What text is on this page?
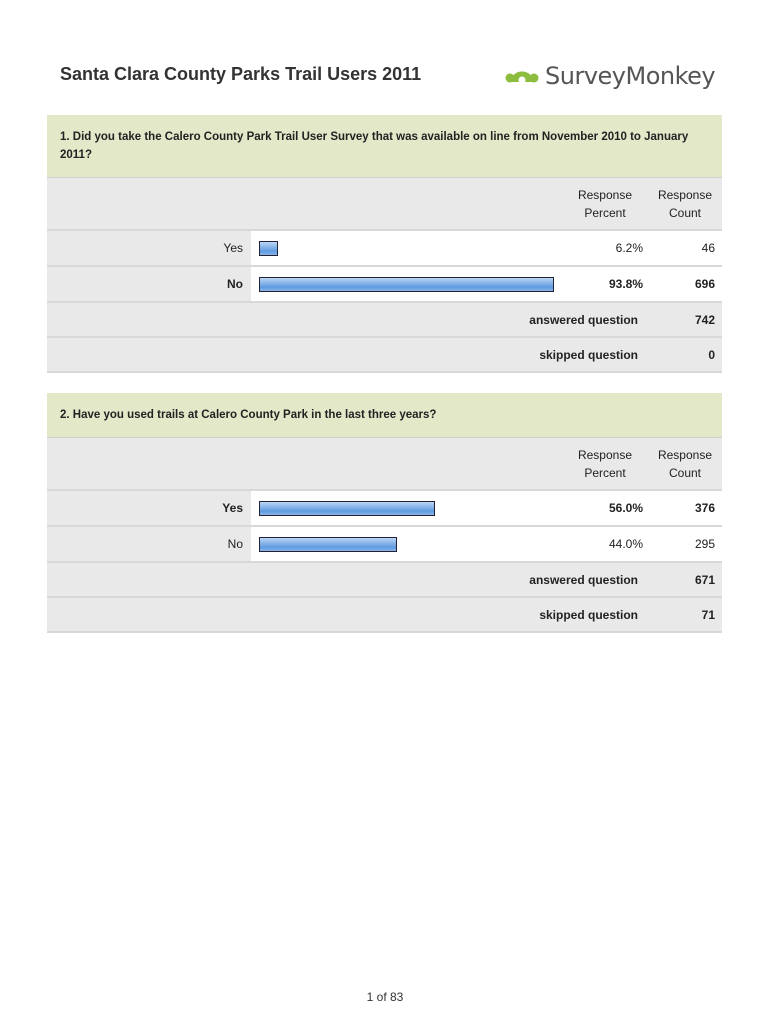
Santa Clara County Parks Trail Users 2011	SurveyMonkey
1. Did you take the Calero County Park Trail User Survey that was available on line from November 2010 to January 2011?
Response
Percent
Response
Count
Yes	6.2%	46
No	93.8%	696
answered question	742
skipped question	0
2. Have you used trails at Calero County Park in the last three years?
Response
Percent
Response
Count
Yes	56.0%	376
No	44.0%	295
answered question	671
skipped question	71
1 of 83
